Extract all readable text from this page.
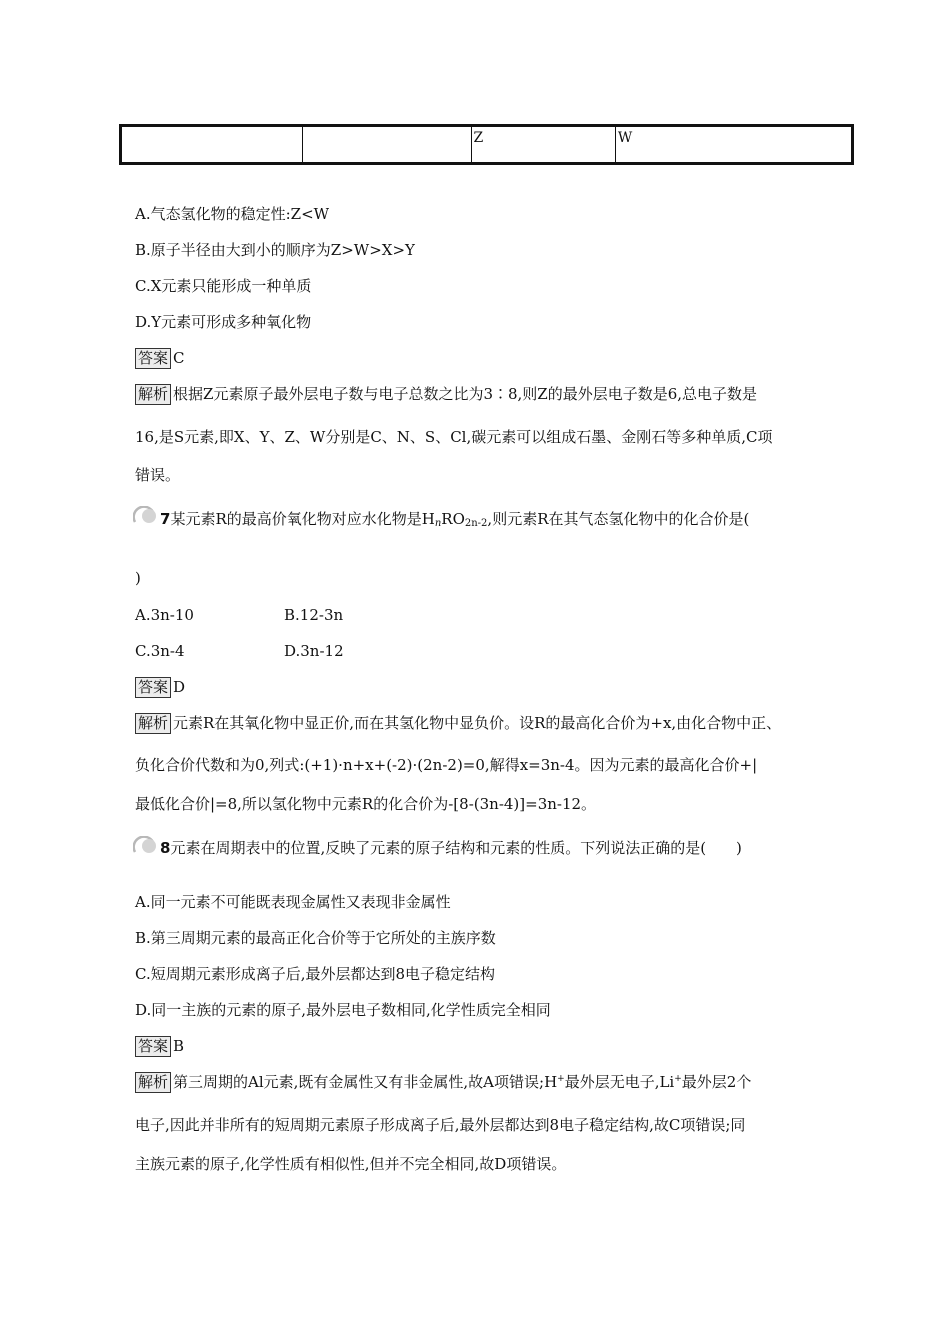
		Z	W
A.气态氢化物的稳定性:Z<W
B.原子半径由大到小的顺序为Z>W>X>Y
C.X元素只能形成一种单质
D.Y元素可形成多种氧化物
答案 C
解析 根据Z元素原子最外层电子数与电子总数之比为3∶8,则Z的最外层电子数是6,总电子数是
16,是S元素,即X、Y、Z、W分别是C、N、S、Cl,碳元素可以组成石墨、金刚石等多种单质,C项
错误。
7某元素R的最高价氧化物对应水化物是$H_nRO_{2n-2}$,则元素R在其气态氢化物中的化合价是(
)
A.3n-10	B.12-3n
C.3n-4	D.3n-12
答案 D
解析 元素R在其氧化物中显正价,而在其氢化物中显负价。设R的最高化合价为+x,由化合物中正、
负化合价代数和为0,列式:(+1)·n+x+(-2)·(2n-2)=0,解得x=3n-4。因为元素的最高化合价+|
最低化合价|=8,所以氢化物中元素R的化合价为-[8-(3n-4)]=3n-12。
8元素在周期表中的位置,反映了元素的原子结构和元素的性质。下列说法正确的是(　　)
A.同一元素不可能既表现金属性又表现非金属性
B.第三周期元素的最高正化合价等于它所处的主族序数
C.短周期元素形成离子后,最外层都达到8电子稳定结构
D.同一主族的元素的原子,最外层电子数相同,化学性质完全相同
答案 B
解析 第三周期的Al元素,既有金属性又有非金属性,故A项错误;H+最外层无电子,Li+最外层2个
电子,因此并非所有的短周期元素原子形成离子后,最外层都达到8电子稳定结构,故C项错误;同
主族元素的原子,化学性质有相似性,但并不完全相同,故D项错误。
